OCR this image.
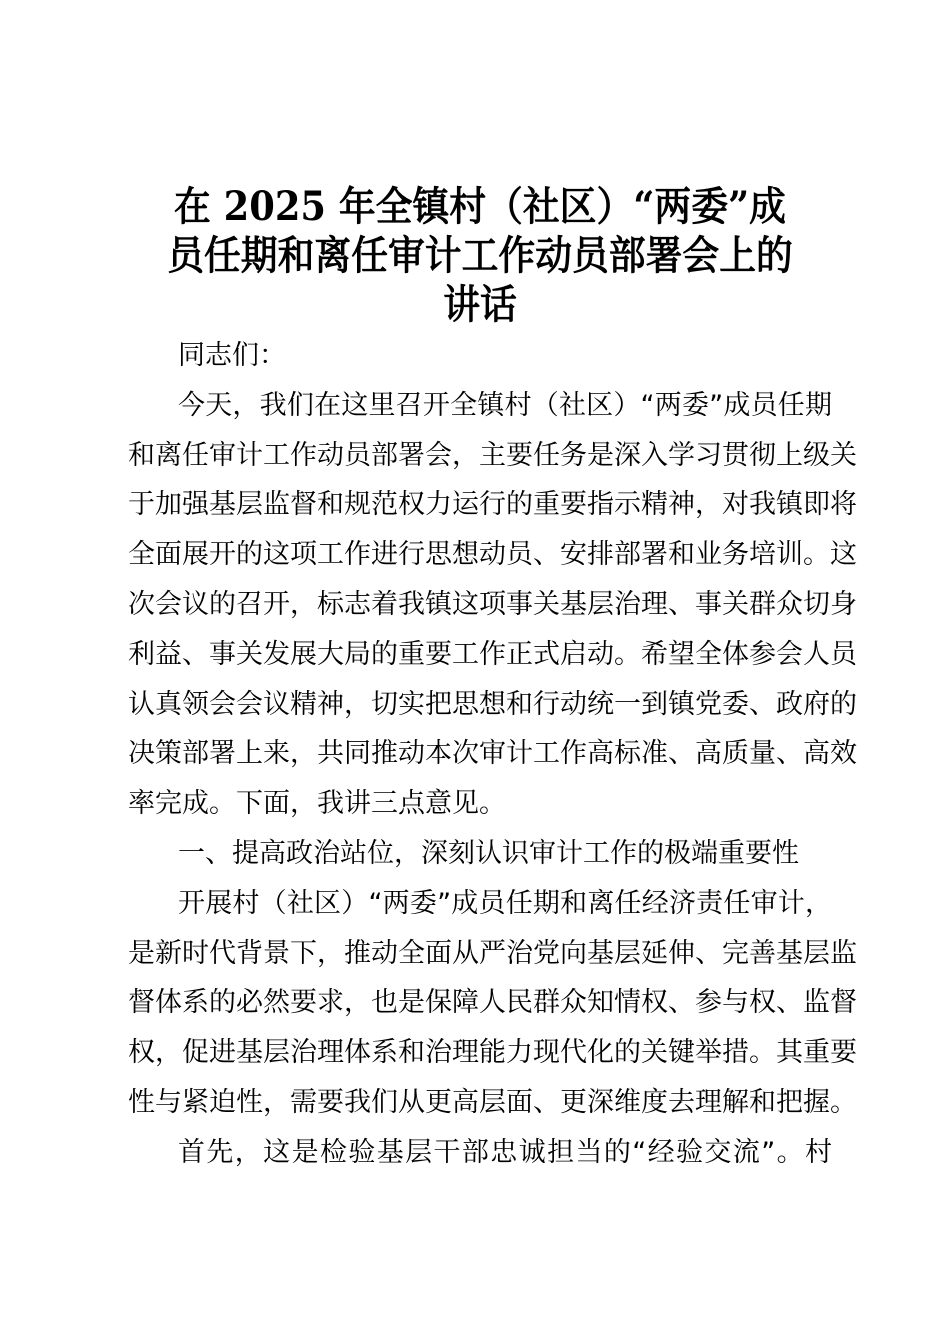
在 2025 年全镇村（社区）“两委”成
员任期和离任审计工作动员部署会上的
讲话
同志们：
今天，我们在这里召开全镇村（社区）“两委”成员任期
和离任审计工作动员部署会，主要任务是深入学习贯彻上级关
于加强基层监督和规范权力运行的重要指示精神，对我镇即将
全面展开的这项工作进行思想动员、安排部署和业务培训。这
次会议的召开，标志着我镇这项事关基层治理、事关群众切身
利益、事关发展大局的重要工作正式启动。希望全体参会人员
认真领会会议精神，切实把思想和行动统一到镇党委、政府的
决策部署上来，共同推动本次审计工作高标准、高质量、高效
率完成。下面，我讲三点意见。
一、提高政治站位，深刻认识审计工作的极端重要性
开展村（社区）“两委”成员任期和离任经济责任审计，
是新时代背景下，推动全面从严治党向基层延伸、完善基层监
督体系的必然要求，也是保障人民群众知情权、参与权、监督
权，促进基层治理体系和治理能力现代化的关键举措。其重要
性与紧迫性，需要我们从更高层面、更深维度去理解和把握。
首先，这是检验基层干部忠诚担当的“经验交流”。村
